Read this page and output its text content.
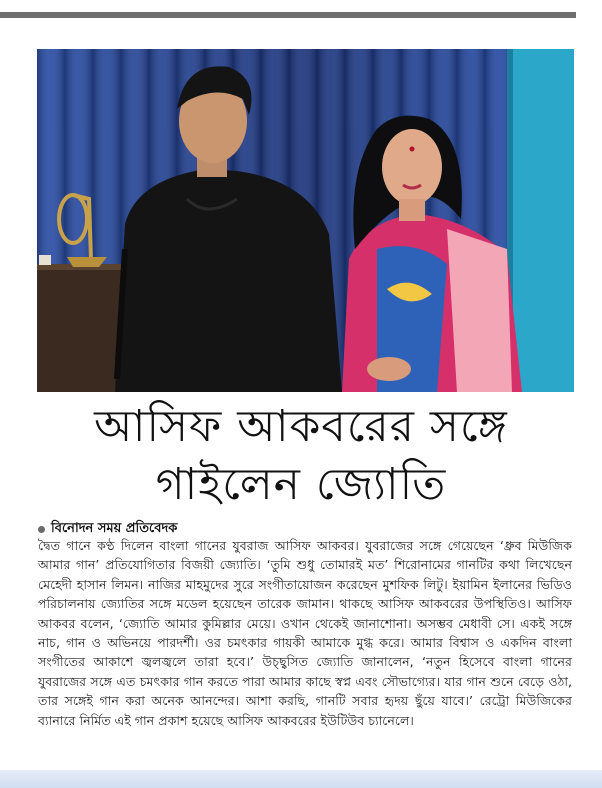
আসিফ আকবরের সঙ্গে
গাইলেন জ্যোতি
বিনোদন সময় প্রতিবেদক
দ্বৈত গানে কণ্ঠ দিলেন বাংলা গানের যুবরাজ আসিফ আকবর। যুবরাজের সঙ্গে গেয়েছেন ‘ধ্রুব মিউজিক আমার গান’ প্রতিযোগিতার বিজয়ী জ্যোতি। ‘তুমি শুধু তোমারই মত’ শিরোনামের গানটির কথা লিখেছেন মেহেদী হাসান লিমন। নাজির মাহমুদের সুরে সংগীতায়োজন করেছেন মুশফিক লিটু। ইয়ামিন ইলানের ভিডিও পরিচালনায় জ্যোতির সঙ্গে মডেল হয়েছেন তারেক জামান। থাকছে আসিফ আকবরের উপস্থিতিও। আসিফ আকবর বলেন, ‘জ্যোতি আমার কুমিল্লার মেয়ে। ওখান থেকেই জানাশোনা। অসম্ভব মেধাবী সে। একই সঙ্গে নাচ, গান ও অভিনয়ে পারদর্শী। ওর চমৎকার গায়কী আমাকে মুগ্ধ করে। আমার বিশ্বাস ও একদিন বাংলা সংগীতের আকাশে জ্বলজ্বলে তারা হবে।’ উচ্ছ্বসিত জ্যোতি জানালেন, ‘নতুন হিসেবে বাংলা গানের যুবরাজের সঙ্গে এত চমৎকার গান করতে পারা আমার কাছে স্বপ্ন এবং সৌভাগ্যের। যার গান শুনে বেড়ে ওঠা, তার সঙ্গেই গান করা অনেক আনন্দের। আশা করছি, গানটি সবার হৃদয় ছুঁয়ে যাবে।’ রেট্রো মিউজিকের ব্যানারে নির্মিত এই গান প্রকাশ হয়েছে আসিফ আকবরের ইউটিউব চ্যানেলে।
